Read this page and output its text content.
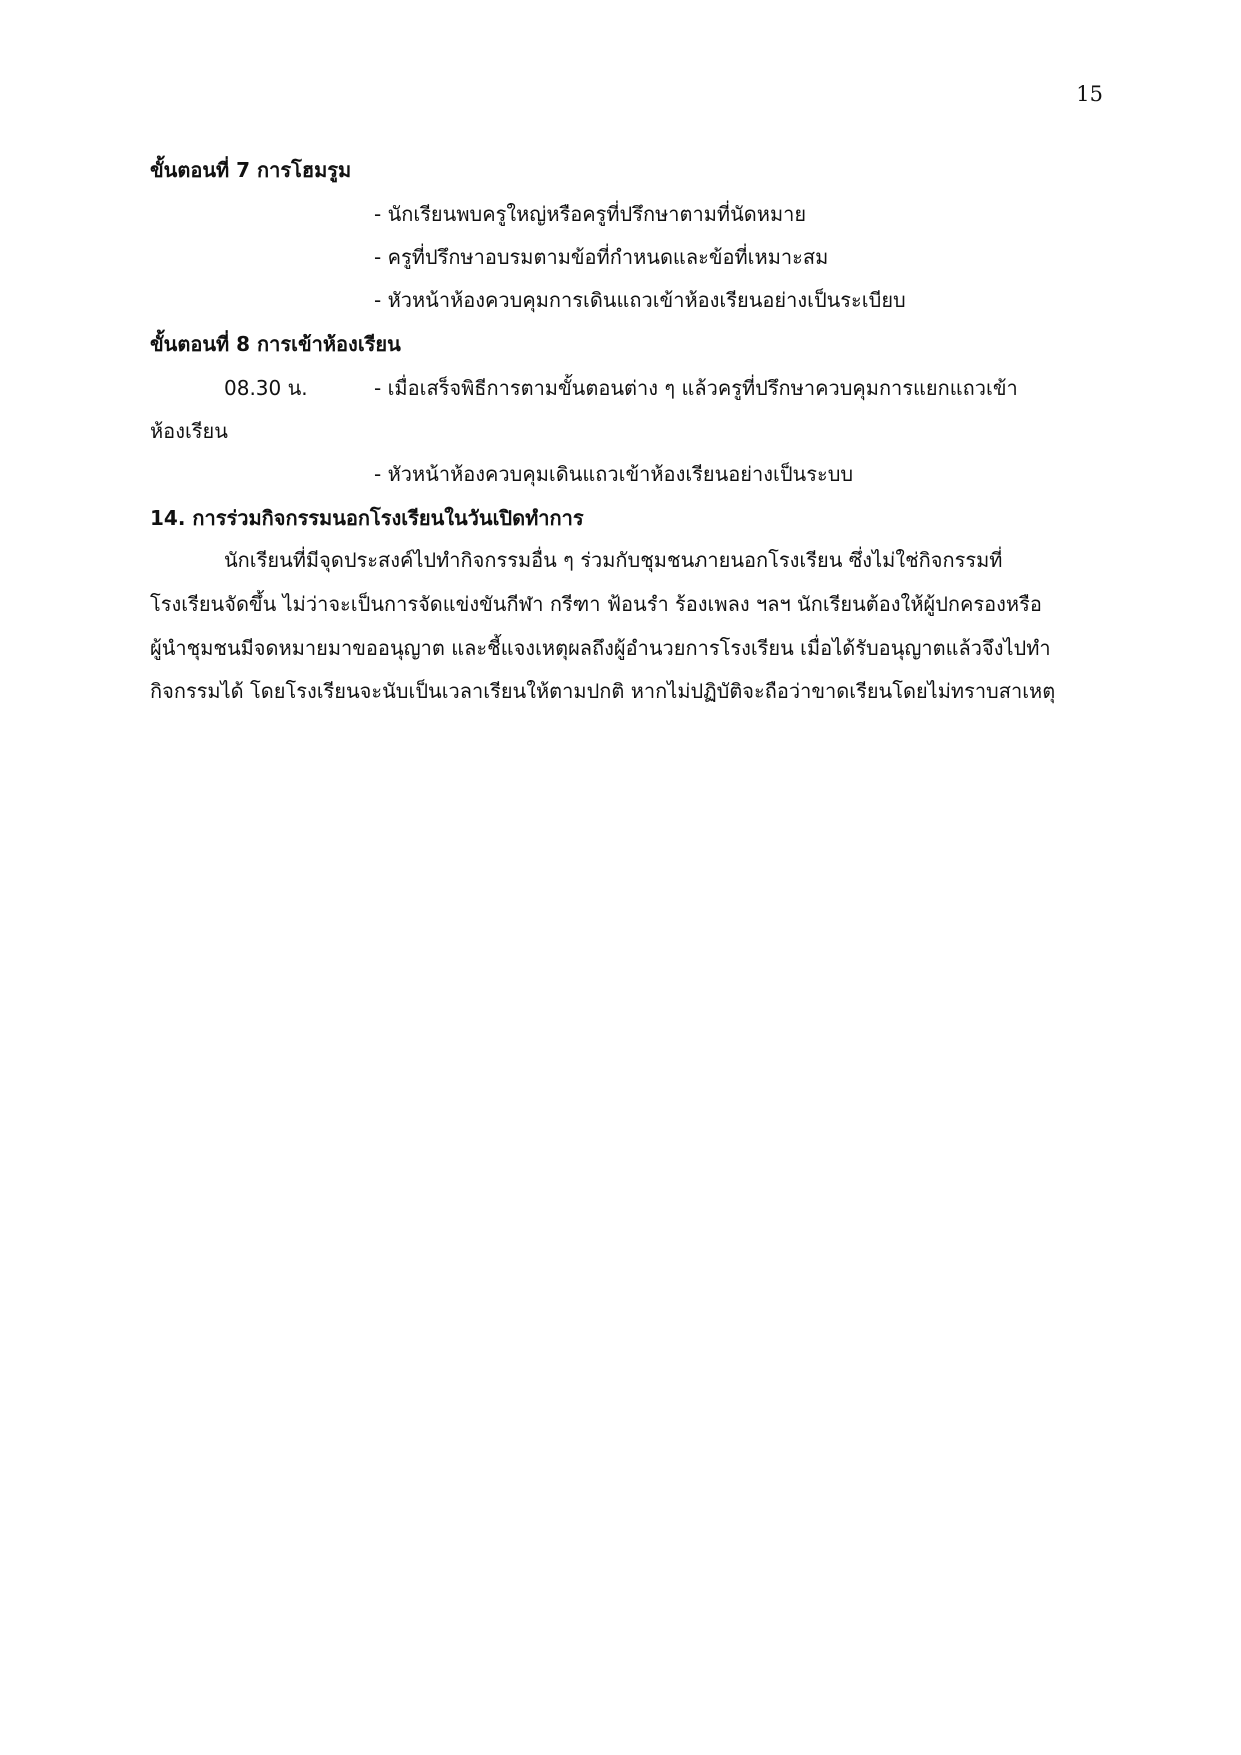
15
ขั้นตอนที่ 7 การโฮมรูม
- นักเรียนพบครูใหญ่หรือครูที่ปรึกษาตามที่นัดหมาย
- ครูที่ปรึกษาอบรมตามข้อที่กำหนดและข้อที่เหมาะสม
- หัวหน้าห้องควบคุมการเดินแถวเข้าห้องเรียนอย่างเป็นระเบียบ
ขั้นตอนที่ 8 การเข้าห้องเรียน
08.30 น.	- เมื่อเสร็จพิธีการตามขั้นตอนต่าง ๆ แล้วครูที่ปรึกษาควบคุมการแยกแถวเข้า
ห้องเรียน
- หัวหน้าห้องควบคุมเดินแถวเข้าห้องเรียนอย่างเป็นระบบ
14. การร่วมกิจกรรมนอกโรงเรียนในวันเปิดทำการ
นักเรียนที่มีจุดประสงค์ไปทำกิจกรรมอื่น ๆ ร่วมกับชุมชนภายนอกโรงเรียน ซึ่งไม่ใช่กิจกรรมที่
โรงเรียนจัดขึ้น ไม่ว่าจะเป็นการจัดแข่งขันกีฬา กรีฑา ฟ้อนรำ ร้องเพลง ฯลฯ นักเรียนต้องให้ผู้ปกครองหรือ
ผู้นำชุมชนมีจดหมายมาขออนุญาต และชี้แจงเหตุผลถึงผู้อำนวยการโรงเรียน เมื่อได้รับอนุญาตแล้วจึงไปทำ
กิจกรรมได้ โดยโรงเรียนจะนับเป็นเวลาเรียนให้ตามปกติ หากไม่ปฏิบัติจะถือว่าขาดเรียนโดยไม่ทราบสาเหตุ
